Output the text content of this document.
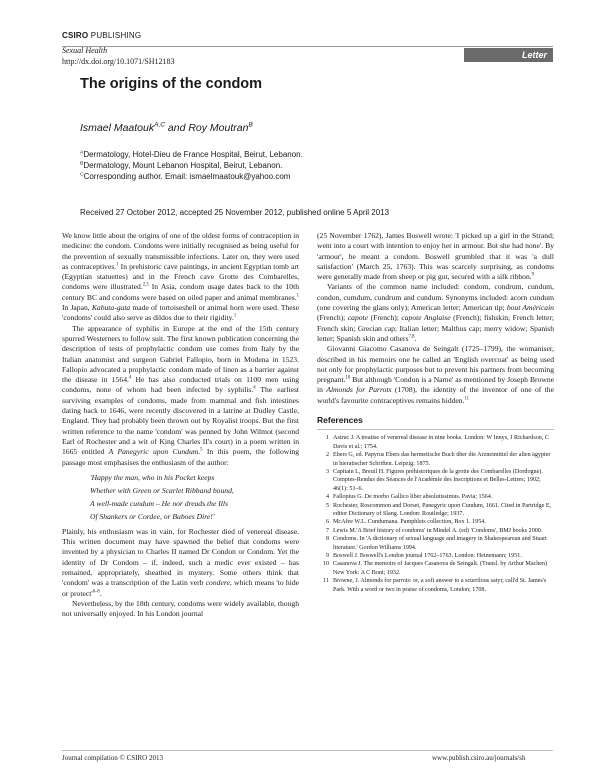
CSIRO PUBLISHING
Sexual Health
http://dx.doi.org/10.1071/SH12183
Letter
The origins of the condom
Ismael Maatouk$^{A,C}$ and Roy Moutran$^B$
$^A$Dermatology, Hotel-Dieu de France Hospital, Beirut, Lebanon.
$^B$Dermatology, Mount Lebanon Hospital, Beirut, Lebanon.
$^C$Corresponding author. Email: ismaelmaatouk@yahoo.com
Received 27 October 2012, accepted 25 November 2012, published online 5 April 2013

We know little about the origins of one of the oldest forms of contraception in medicine: the condom. Condoms were initially recognised as being useful for the prevention of sexually transmissible infections. Later on, they were used as contraceptives.$^1$ In prehistoric cave paintings, in ancient Egyptian tomb art (Egyptian statuettes) and in the French cave Grotte des Combarelles, condoms were illustrated.$^{2,3}$ In Asia, condom usage dates back to the 10th century BC and condoms were based on oiled paper and animal membranes.$^1$ In Japan, Kabuta-gata made of tortoiseshell or animal horn were used. These 'condoms' could also serve as dildos due to their rigidity.$^1$

The appearance of syphilis in Europe at the end of the 15th century spurred Westerners to follow suit. The first known publication concerning the description of tests of prophylactic condom use comes from Italy by the Italian anatomist and surgeon Gabriel Fallopio, born in Modena in 1523. Fallopio advocated a prophylactic condom made of linen as a barrier against the disease in 1564.$^4$ He has also conducted trials on 1100 men using condoms, none of whom had been infected by syphilis.$^4$ The earliest surviving examples of condoms, made from mammal and fish intestines dating back to 1646, were recently discovered in a latrine at Dudley Castle, England. They had probably been thrown out by Royalist troops. But the first written reference to the name 'condom' was penned by John Wilmot (second Earl of Rochester and a wit of King Charles II's court) in a poem written in 1665 entitled A Panegyric upon Cundum.$^5$ In this poem, the following passage most emphasises the enthusiasm of the author:

'Happy the man, who in his Pocket keeps
Whether with Green or Scarlet Ribband bound,
A well-made cundum – He nor dreads the Ills
Of Shankers or Cordee, or Buboes Dire!'

Plainly, his enthusiasm was in vain, for Rochester died of venereal disease. This written document may have spawned the belief that condoms were invented by a physician to Charles II named Dr Condon or Condom. Yet the identity of Dr Condom – if, indeed, such a medic ever existed – has remained, appropriately, sheathed in mystery. Some others think that 'condom' was a transcription of the Latin verb condere, which means 'to hide or $protect'^{6-8}$.

Nevertheless, by the 18th century, condoms were widely available, though not universally enjoyed. In his London journal

(25 November 1762), James Boswell wrote: 'I picked up a girl in the Strand; went into a court with intention to enjoy her in armour. But she had none'. By 'armour', he meant a condom. Boswell grumbled that it was 'a dull satisfaction' (March 25, 1763). This was scarcely surprising, as condoms were generally made from sheep or pig gut, secured with a silk ribbon.$^9$

Variants of the common name included: condom, condrum, cundum, condon, cumdum, cundrum and cundum. Synonyms included: acorn cundum (one covering the glans only); American letter; American tip; bout Américain (French); capote (French); capote Anglaise (French); fishskin; French letter; French skin; Grecian cap; Italian letter; Malthus cap; merry widow; Spanish letter; Spanish skin and others$^{7,8}$.

Giovanni Giacomo Casanova de Seingalt (1725–1799), the womaniser, described in his memoirs one he called an 'English overcoat' as being used not only for prophylactic purposes but to prevent his partners from becoming pregnant.$^{10}$ But although 'Condon is a Name' as mentioned by Joseph Browne in Almonds for Parrots (1708), the identity of the inventor of one of the world's favourite contraceptives remains hidden.$^{11}$

References
1 Astruc J. A treatise of venereal disease in nine books. London: W Innys, J Richardson, C Davis et al.; 1754.
2 Ebers G, ed. Papyrus Ebers das hermetische Buch über die Arzneimittel der alten ägypter in hieratischer Schriften. Leipzig; 1875.
3 Capitain L, Breuil H. Figures préhistoriques de la grotte des Combarelles (Dordogne). Comptes-Rendus des Séances de l'Académie des Inscriptions et Belles-Lettres; 1902; 46(1): 51–6.
4 Fallopius G. De morbo Gallico liber absolutissimus. Pavia; 1564.
5 Rochester, Roscommon and Dorset, Panegyric upon Cundum, 1661. Cited in Partridge E, editor Dictionary of Slang. London: Routledge; 1937.
6 McAfee W.L. Cundumana. Pamphlets collection, Box 1. 1954.
7 Lewis M.'A Brief history of condoms' in Mindel A. (ed) 'Condoms', BMJ books 2000.
8 Condoms. In 'A dictionary of sexual language and imagery in Shakespearean and Stuart literature.' Gordon Williams 1994.
9 Boswell J. Boswell's London journal 1762–1763. London: Heinemann; 1951.
10 Casanova J. The memoirs of Jacques Casanova de Seingalt. (Transl. by Arthur Machen) New York: A C Boni; 1932.
11 Browne, J. Almonds for parrots: or, a soft answer to a scurrilous satyr, call'd St. James's Park. With a word or two in praise of condoms, London; 1708.
Journal compilation © CSIRO 2013	www.publish.csiro.au/journals/sh
